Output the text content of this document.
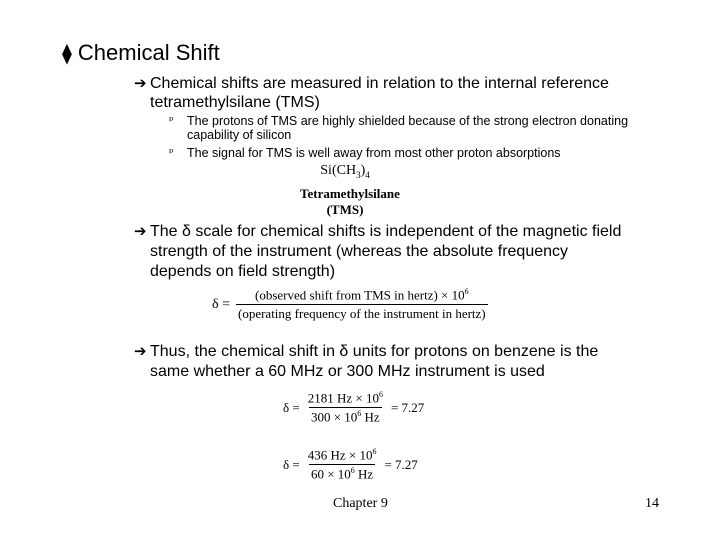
⧫ Chemical Shift
➔ Chemical shifts are measured in relation to the internal reference
tetramethylsilane (TMS)
ᵖ The protons of TMS are highly shielded because of the strong electron donating
capability of silicon
ᵖ The signal for TMS is well away from most other proton absorptions
$Si(CH_3)_4$
Tetramethylsilane
(TMS)
➔ The δ scale for chemical shifts is independent of the magnetic field
strength of the instrument (whereas the absolute frequency
depends on field strength)
$\delta = \frac{(observed shift from TMS in hertz) \times 10^6}{\text{(operating frequency of the instrument in hertz)}}$
➔ Thus, the chemical shift in δ units for protons on benzene is the
same whether a 60 MHz or 300 MHz instrument is used
$\delta = \frac{2181 Hz \times 10^6}{300 \times 10^6 Hz} = 7.27$
$\delta = \frac{436 Hz \times 10^6}{60 \times 10^6 Hz} = 7.27$
Chapter 9	14
